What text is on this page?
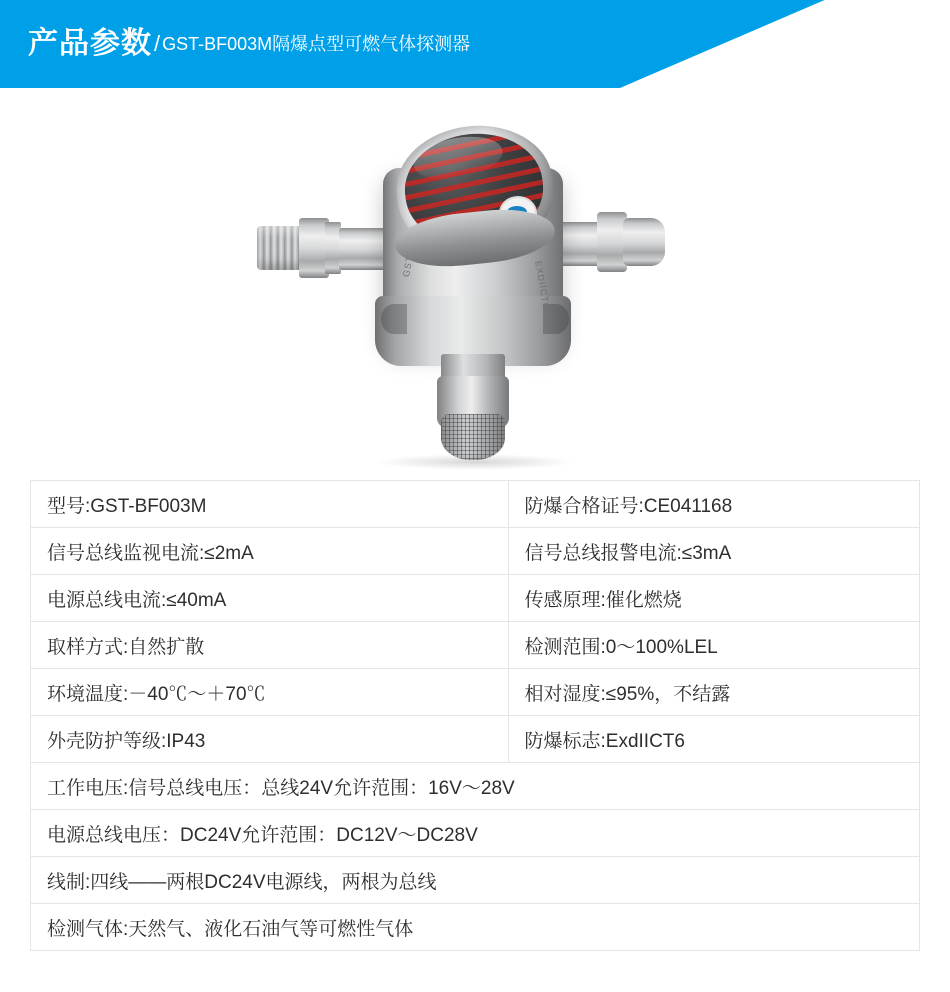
产品参数 / GST-BF003M隔爆点型可燃气体探测器
EXDIICT6
型号:GST-BF003M	防爆合格证号:CE041168
信号总线监视电流:≤2mA	信号总线报警电流:≤3mA
电源总线电流:≤40mA	传感原理:催化燃烧
取样方式:自然扩散	检测范围:0～100%LEL
环境温度:－40℃～＋70℃	相对湿度:≤95%，不结露
外壳防护等级:IP43	防爆标志:ExdIICT6
工作电压:信号总线电压：总线24V允许范围：16V～28V	
电源总线电压：DC24V允许范围：DC12V～DC28V	
线制:四线——两根DC24V电源线，两根为总线	
检测气体:天然气、液化石油气等可燃性气体	
